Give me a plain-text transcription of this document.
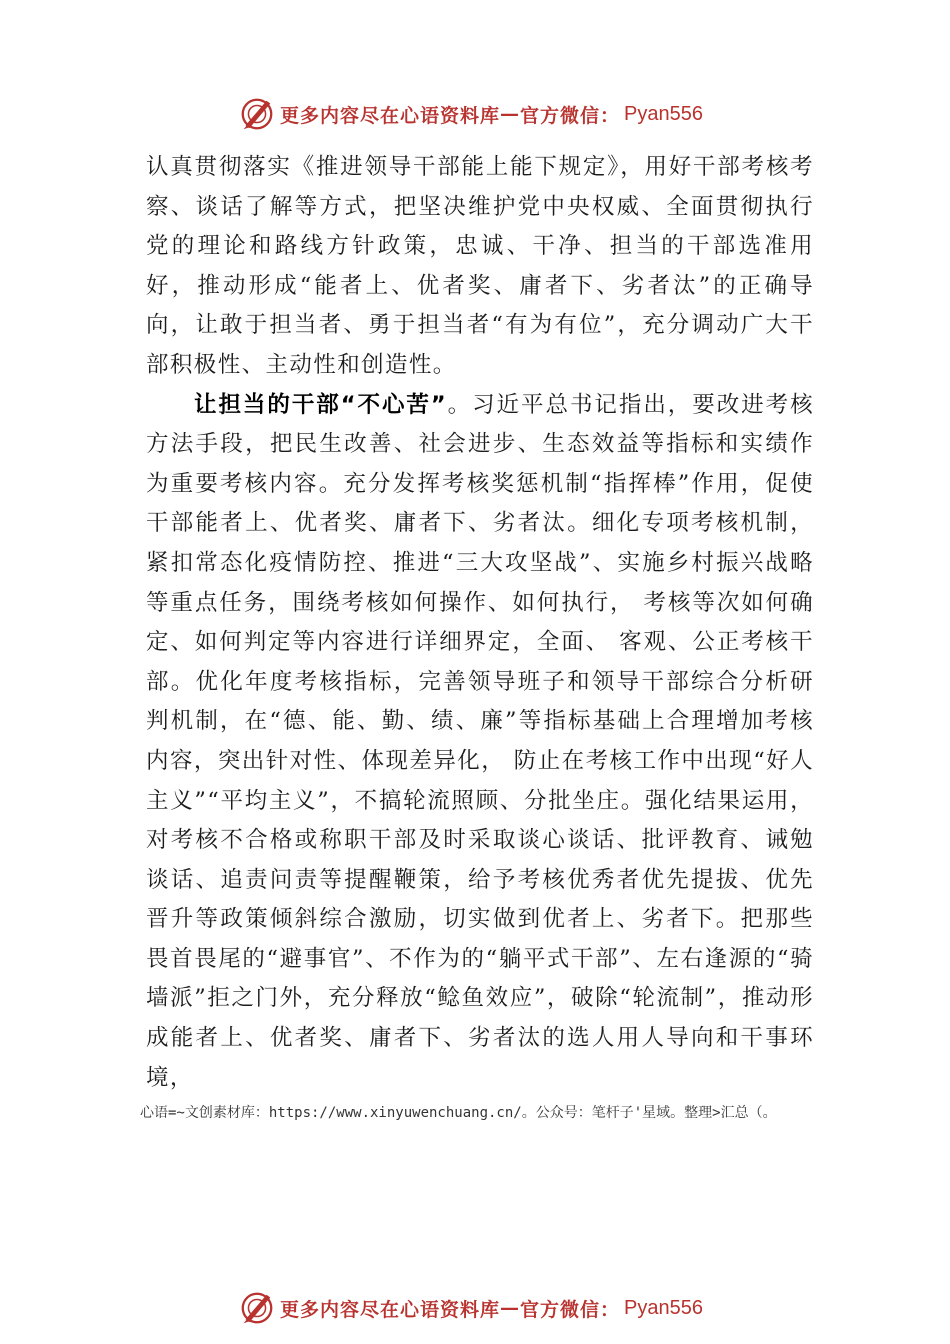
更多内容尽在心语资料库 — 官方微信： Pyan556

认真贯彻落实《推进领导干部能上能下规定》，用好干部考核考察、谈话了解等方式，把坚决维护党中央权威、全面贯彻执行党的理论和路线方针政策，忠诚、干净、担当的干部选准用好，推动形成“能者上、优者奖、庸者下、劣者汰”的正确导向，让敢于担当者、勇于担当者“有为有位”，充分调动广大干部积极性、主动性和创造性。

让担当的干部“不心苦”。习近平总书记指出，要改进考核方法手段，把民生改善、社会进步、生态效益等指标和实绩作为重要考核内容。充分发挥考核奖惩机制“指挥棒”作用，促使干部能者上、优者奖、庸者下、劣者汰。细化专项考核机制，紧扣常态化疫情防控、推进“三大攻坚战”、实施乡村振兴战略等重点任务，围绕考核如何操作、如何执行， 考核等次如何确定、如何判定等内容进行详细界定，全面、 客观、公正考核干部。优化年度考核指标，完善领导班子和领导干部综合分析研判机制，在“德、能、勤、绩、廉”等指标基础上合理增加考核内容，突出针对性、体现差异化， 防止在考核工作中出现“好人主义”“平均主义”，不搞轮流照顾、分批坐庄。强化结果运用，对考核不合格或称职干部及时采取谈心谈话、批评教育、诫勉谈话、追责问责等提醒鞭策，给予考核优秀者优先提拔、优先晋升等政策倾斜综合激励，切实做到优者上、劣者下。把那些畏首畏尾的“避事官”、不作为的“躺平式干部”、左右逢源的“骑墙派”拒之门外，充分释放“鲶鱼效应”，破除“轮流制”，推动形成能者上、优者奖、庸者下、劣者汰的选人用人导向和干事环境，

心语=~文创素材库：https://www.xinyuwenchuang.cn/。公众号：笔杆子'星域。整理>汇总（。
更多内容尽在心语资料库 — 官方微信： Pyan556
